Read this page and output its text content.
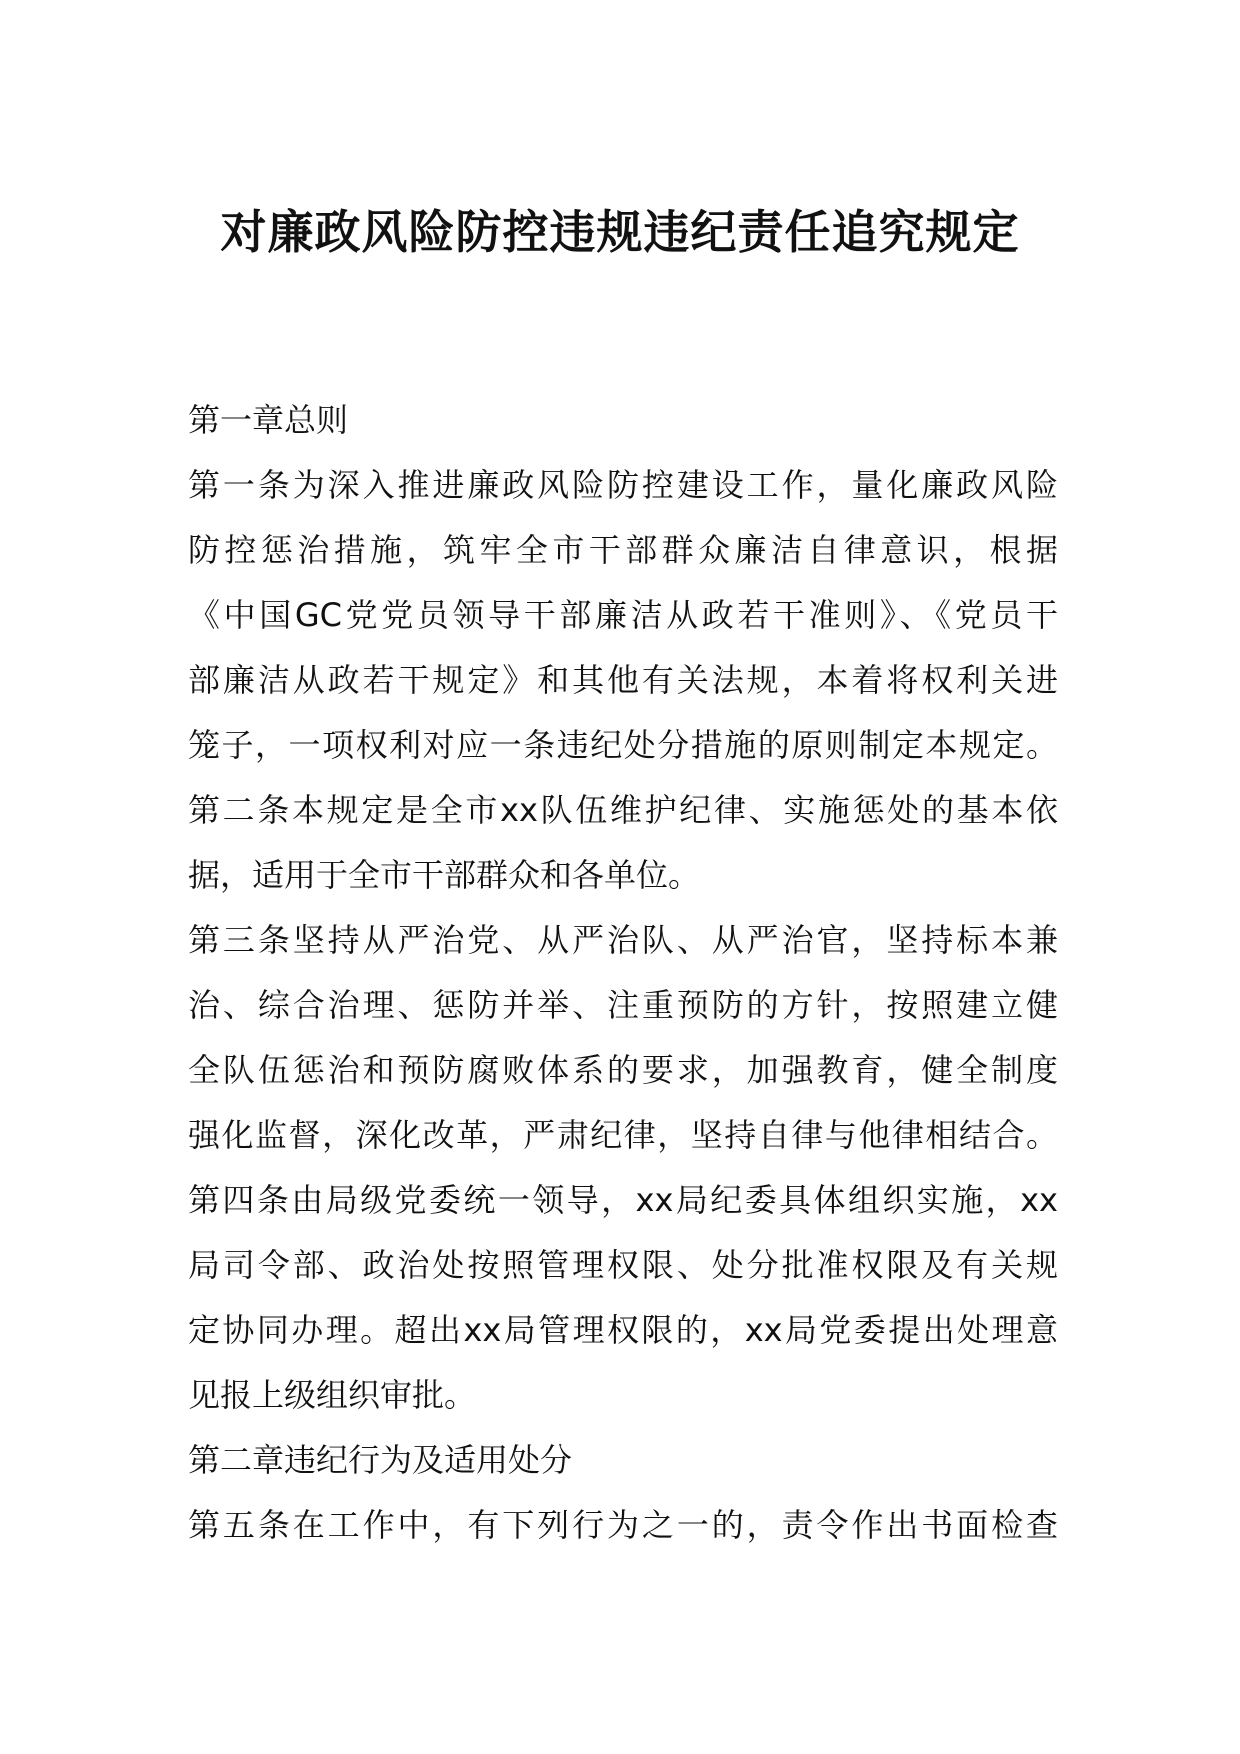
对廉政风险防控违规违纪责任追究规定
第一章总则
第一条为深入推进廉政风险防控建设工作，量化廉政风险
防控惩治措施，筑牢全市干部群众廉洁自律意识，根据
《中国GC党党员领导干部廉洁从政若干准则》、《党员干
部廉洁从政若干规定》和其他有关法规，本着将权利关进
笼子，一项权利对应一条违纪处分措施的原则制定本规定。
第二条本规定是全市xx队伍维护纪律、实施惩处的基本依
据，适用于全市干部群众和各单位。
第三条坚持从严治党、从严治队、从严治官，坚持标本兼
治、综合治理、惩防并举、注重预防的方针，按照建立健
全队伍惩治和预防腐败体系的要求，加强教育，健全制度
强化监督，深化改革，严肃纪律，坚持自律与他律相结合。
第四条由局级党委统一领导，xx局纪委具体组织实施，xx
局司令部、政治处按照管理权限、处分批准权限及有关规
定协同办理。超出xx局管理权限的，xx局党委提出处理意
见报上级组织审批。
第二章违纪行为及适用处分
第五条在工作中，有下列行为之一的，责令作出书面检查
